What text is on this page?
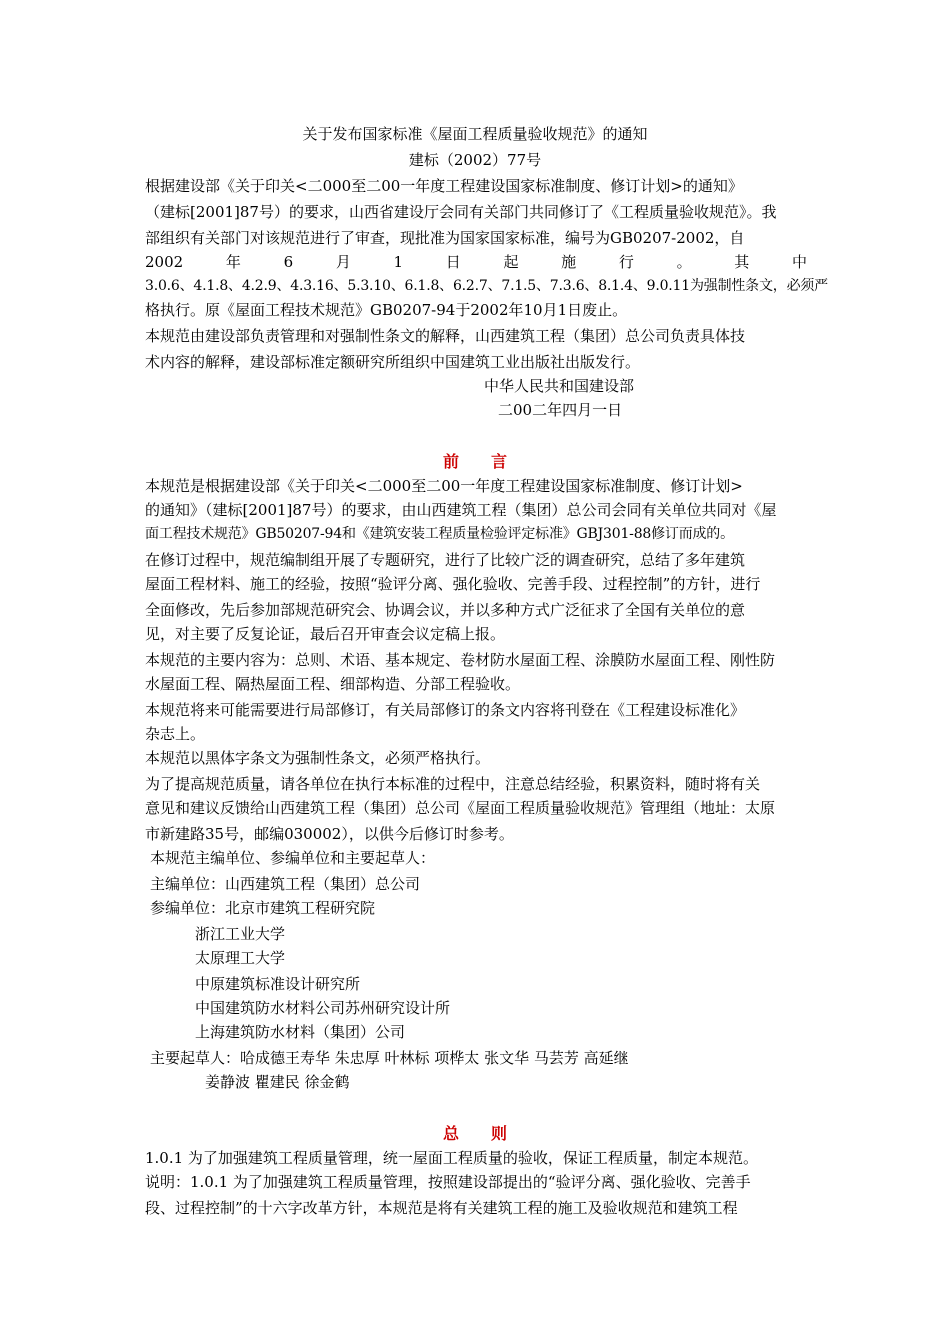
关于发布国家标准《屋面工程质量验收规范》的通知
建标（2002）77号
根据建设部《关于印关<二000至二00一年度工程建设国家标准制度、修订计划>的通知》
（建标[2001]87号）的要求，山西省建设厅会同有关部门共同修订了《工程质量验收规范》。我
部组织有关部门对该规范进行了审查，现批准为国家国家标准，编号为GB0207-2002，自
2002	年	6	月	1	日	起	施	行	。	其	中
3.0.6、4.1.8、4.2.9、4.3.16、5.3.10、6.1.8、6.2.7、7.1.5、7.3.6、8.1.4、9.0.11为强制性条文，必须严
格执行。原《屋面工程技术规范》GB0207-94于2002年10月1日废止。
本规范由建设部负责管理和对强制性条文的解释，山西建筑工程（集团）总公司负责具体技
术内容的解释，建设部标准定额研究所组织中国建筑工业出版社出版发行。
中华人民共和国建设部
二00二年四月一日
前　　言
本规范是根据建设部《关于印关<二000至二00一年度工程建设国家标准制度、修订计划>
的通知》（建标[2001]87号）的要求，由山西建筑工程（集团）总公司会同有关单位共同对《屋
面工程技术规范》GB50207-94和《建筑安装工程质量检验评定标准》GBJ301-88修订而成的。
在修订过程中，规范编制组开展了专题研究，进行了比较广泛的调查研究，总结了多年建筑
屋面工程材料、施工的经验，按照“验评分离、强化验收、完善手段、过程控制”的方针，进行
全面修改，先后参加部规范研究会、协调会议，并以多种方式广泛征求了全国有关单位的意
见，对主要了反复论证，最后召开审查会议定稿上报。
本规范的主要内容为：总则、术语、基本规定、卷材防水屋面工程、涂膜防水屋面工程、刚性防
水屋面工程、隔热屋面工程、细部构造、分部工程验收。
本规范将来可能需要进行局部修订，有关局部修订的条文内容将刊登在《工程建设标准化》
杂志上。
本规范以黑体字条文为强制性条文，必须严格执行。
为了提高规范质量，请各单位在执行本标准的过程中，注意总结经验，积累资料，随时将有关
意见和建议反馈给山西建筑工程（集团）总公司《屋面工程质量验收规范》管理组（地址：太原
市新建路35号，邮编030002），以供今后修订时参考。
本规范主编单位、参编单位和主要起草人：
主编单位：山西建筑工程（集团）总公司
参编单位：北京市建筑工程研究院
浙江工业大学
太原理工大学
中原建筑标准设计研究所
中国建筑防水材料公司苏州研究设计所
上海建筑防水材料（集团）公司
主要起草人：哈成德王寿华 朱忠厚 叶林标 项桦太 张文华 马芸芳 高延继
姜静波 瞿建民 徐金鹤
总　　则
1.0.1 为了加强建筑工程质量管理，统一屋面工程质量的验收，保证工程质量，制定本规范。
说明：1.0.1 为了加强建筑工程质量管理，按照建设部提出的“验评分离、强化验收、完善手
段、过程控制”的十六字改革方针，本规范是将有关建筑工程的施工及验收规范和建筑工程
